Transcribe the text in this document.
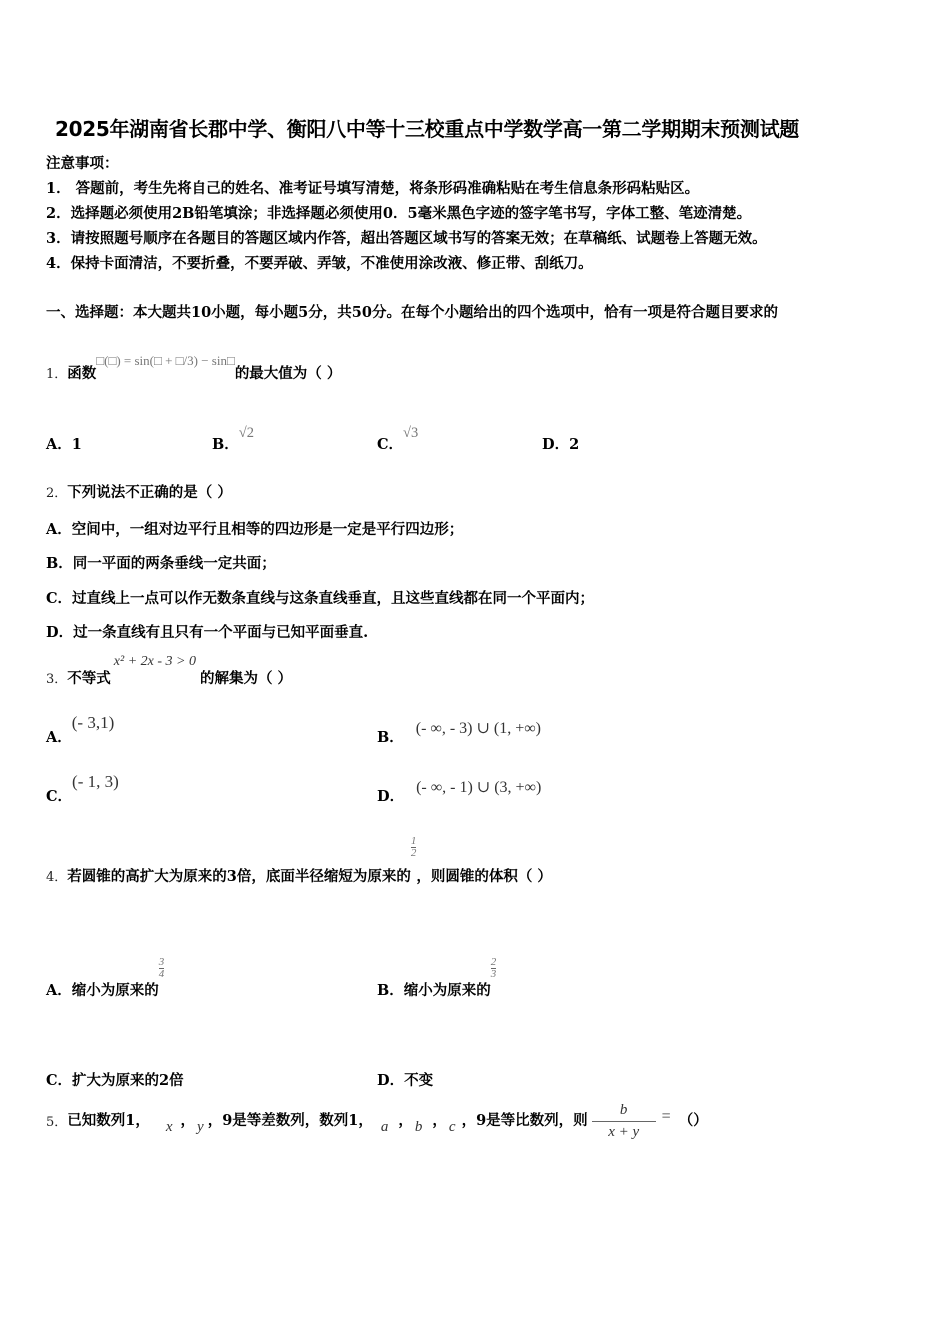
2025年湖南省长郡中学、衡阳八中等十三校重点中学数学高一第二学期期末预测试题
注意事项：
1． 答题前，考生先将自己的姓名、准考证号填写清楚，将条形码准确粘贴在考生信息条形码粘贴区。
2．选择题必须使用2B铅笔填涂；非选择题必须使用0．5毫米黑色字迹的签字笔书写，字体工整、笔迹清楚。
3．请按照题号顺序在各题目的答题区域内作答，超出答题区域书写的答案无效；在草稿纸、试题卷上答题无效。
4．保持卡面清洁，不要折叠，不要弄破、弄皱，不准使用涂改液、修正带、刮纸刀。
一、选择题：本大题共10小题，每小题5分，共50分。在每个小题给出的四个选项中，恰有一项是符合题目要求的
1． 函数
□(□) = sin(□ + □/3) − sin□
的最大值为（ ）
A．1	B．√2
C．√3
D．2
2．下列说法不正确的是（ ）
A．空间中，一组对边平行且相等的四边形是一定是平行四边形；
B．同一平面的两条垂线一定共面；
C．过直线上一点可以作无数条直线与这条直线垂直，且这些直线都在同一个平面内；
D．过一条直线有且只有一个平面与已知平面垂直.
3． 不等式
x² + 2x - 3 > 0
的解集为（ ）
A．(- 3,1)
B．(- ∞, - 3) ∪ (1, +∞)
C．(- 1, 3)
D．(- ∞, - 1) ∪ (3, +∞)
4． 若圆锥的高扩大为原来的3倍，底面半径缩短为原来的
$\frac{1}{2}$
，则圆锥的体积（ ）
A． 缩小为原来的
$\frac{3}{4}$
B． 缩小为原来的
$\frac{2}{3}$
C．扩大为原来的2倍	D．不变
5． 已知数列1， x ， y ，9是等差数列，数列1， a ， b ， c ，9是等比数列，则 $\frac{b}{x + y}$ = （）
